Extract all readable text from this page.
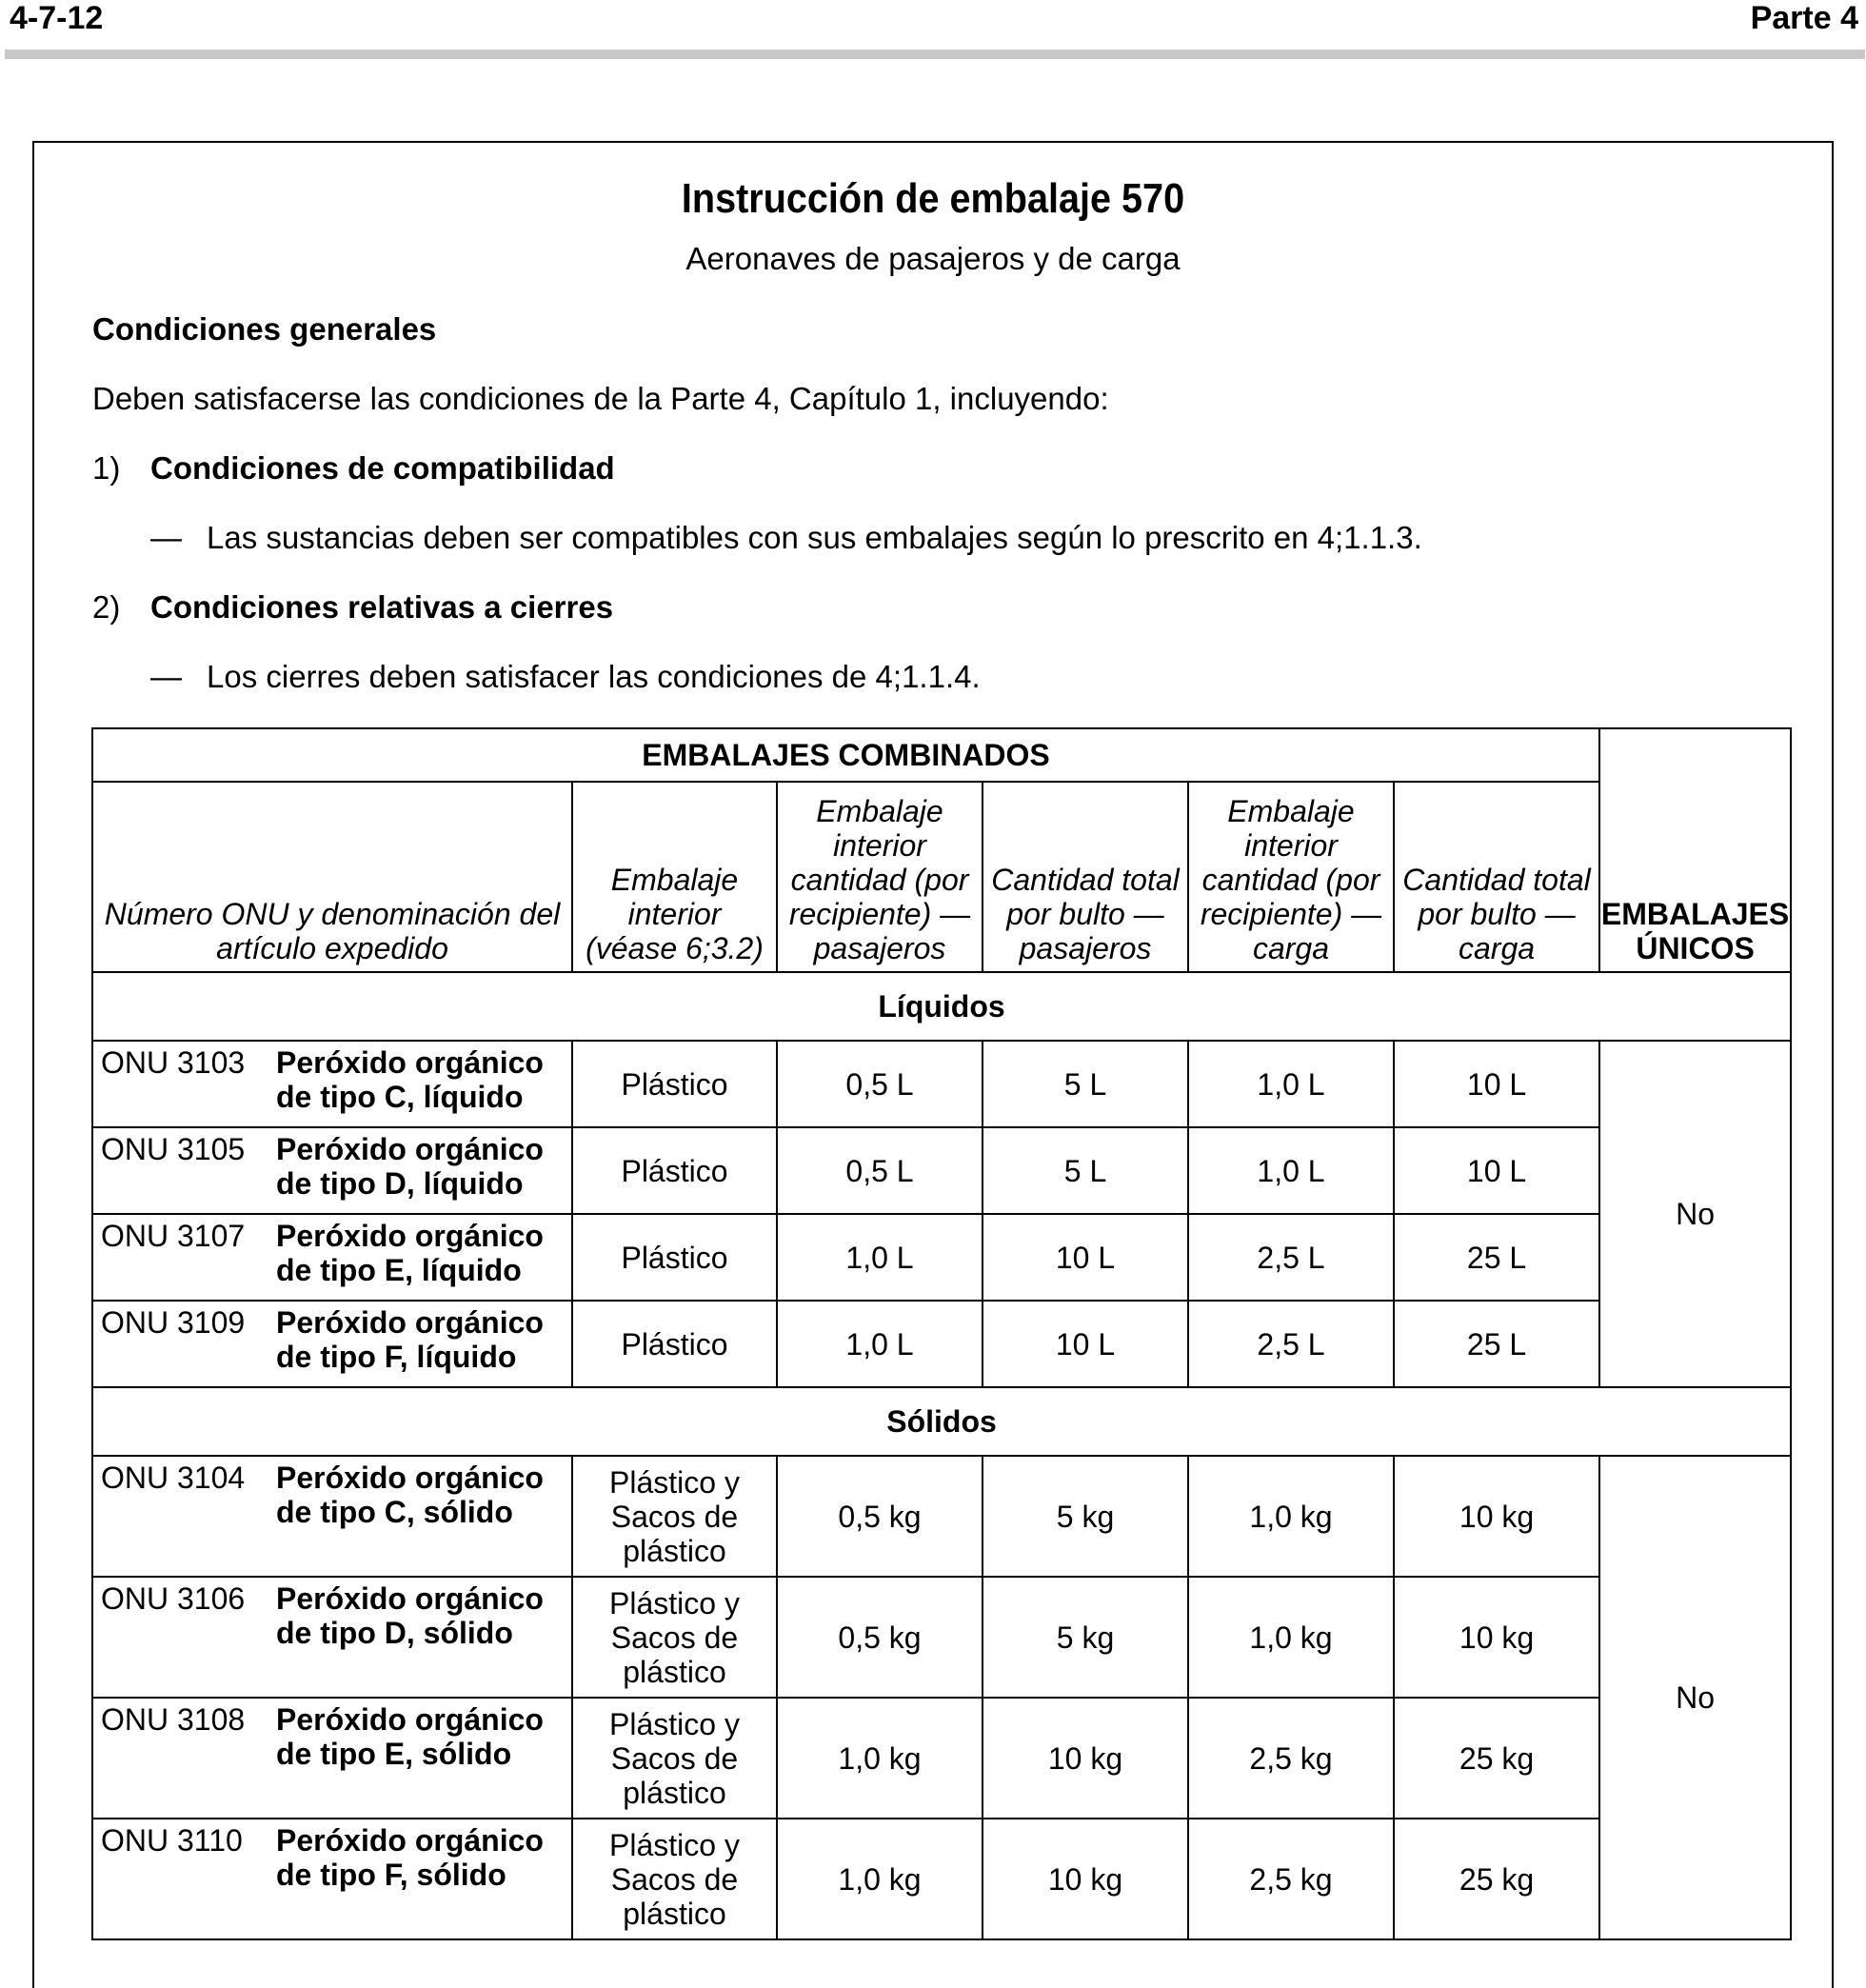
4-7-12	Parte 4
Instrucción de embalaje 570
Aeronaves de pasajeros y de carga
Condiciones generales
Deben satisfacerse las condiciones de la Parte 4, Capítulo 1, incluyendo:
1) Condiciones de compatibilidad
— Las sustancias deben ser compatibles con sus embalajes según lo prescrito en 4;1.1.3.
2) Condiciones relativas a cierres
— Los cierres deben satisfacer las condiciones de 4;1.1.4.
EMBALAJES COMBINADOS						EMBALAJES ÚNICOS
Número ONU y denominación del artículo expedido	Embalaje interior (véase 6;3.2)	Embalaje interior cantidad (por recipiente) — pasajeros	Cantidad total por bulto — pasajeros	Embalaje interior cantidad (por recipiente) — carga	Cantidad total por bulto — carga	
Líquidos						

ONU 3103 Peróxido orgánico de tipo C, líquido	Plástico	0,5 L	5 L	1,0 L	10 L	No

ONU 3105 Peróxido orgánico de tipo D, líquido	Plástico	0,5 L	5 L	1,0 L	10 L	

ONU 3107 Peróxido orgánico de tipo E, líquido	Plástico	1,0 L	10 L	2,5 L	25 L	

ONU 3109 Peróxido orgánico de tipo F, líquido	Plástico	1,0 L	10 L	2,5 L	25 L	
Sólidos						

ONU 3104 Peróxido orgánico de tipo C, sólido	Plástico y Sacos de plástico	0,5 kg	5 kg	1,0 kg	10 kg	No

ONU 3106 Peróxido orgánico de tipo D, sólido	Plástico y Sacos de plástico	0,5 kg	5 kg	1,0 kg	10 kg	

ONU 3108 Peróxido orgánico de tipo E, sólido	Plástico y Sacos de plástico	1,0 kg	10 kg	2,5 kg	25 kg	

ONU 3110 Peróxido orgánico de tipo F, sólido	Plástico y Sacos de plástico	1,0 kg	10 kg	2,5 kg	25 kg	
